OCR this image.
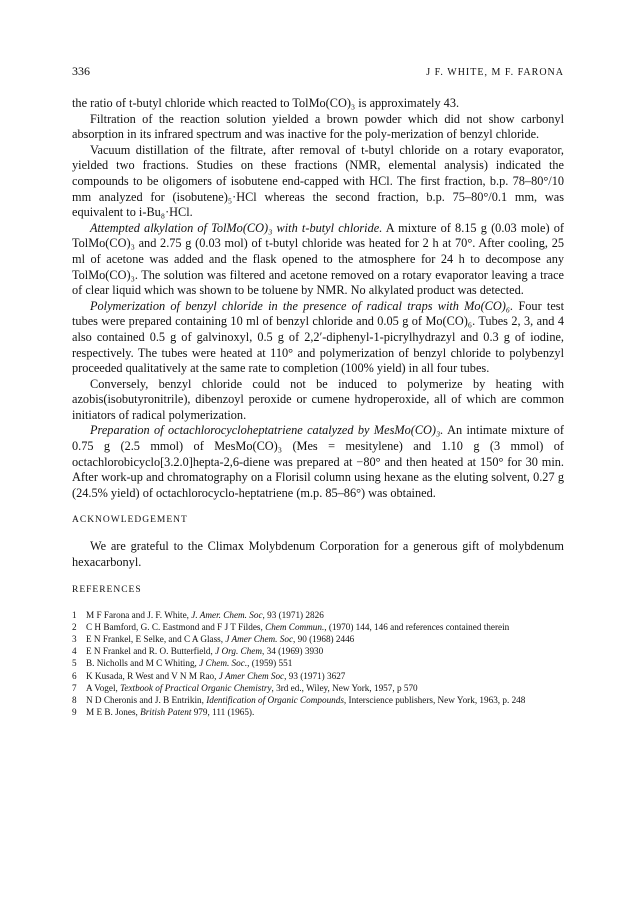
336	J F. WHITE, M F. FARONA

the ratio of t-butyl chloride which reacted to TolMo(CO)₃ is approximately 43.

Filtration of the reaction solution yielded a brown powder which did not show carbonyl absorption in its infrared spectrum and was inactive for the poly-merization of benzyl chloride.

Vacuum distillation of the filtrate, after removal of t-butyl chloride on a rotary evaporator, yielded two fractions. Studies on these fractions (NMR, elemental analysis) indicated the compounds to be oligomers of isobutene end-capped with HCl. The first fraction, b.p. 78–80°/10 mm analyzed for (isobutene)₅·HCl whereas the second fraction, b.p. 75–80°/0.1 mm, was equivalent to i-Bu₈·HCl.

Attempted alkylation of TolMo(CO)₃ with t-butyl chloride. A mixture of 8.15 g (0.03 mole) of TolMo(CO)₃ and 2.75 g (0.03 mol) of t-butyl chloride was heated for 2 h at 70°. After cooling, 25 ml of acetone was added and the flask opened to the atmosphere for 24 h to decompose any TolMo(CO)₃. The solution was filtered and acetone removed on a rotary evaporator leaving a trace of clear liquid which was shown to be toluene by NMR. No alkylated product was detected.

Polymerization of benzyl chloride in the presence of radical traps with Mo(CO)₆. Four test tubes were prepared containing 10 ml of benzyl chloride and 0.05 g of Mo(CO)₆. Tubes 2, 3, and 4 also contained 0.5 g of galvinoxyl, 0.5 g of 2,2′-diphenyl-1-picrylhydrazyl and 0.3 g of iodine, respectively. The tubes were heated at 110° and polymerization of benzyl chloride to polybenzyl proceeded qualitatively at the same rate to completion (100% yield) in all four tubes.

Conversely, benzyl chloride could not be induced to polymerize by heating with azobis(isobutyronitrile), dibenzoyl peroxide or cumene hydroperoxide, all of which are common initiators of radical polymerization.

Preparation of octachlorocycloheptatriene catalyzed by MesMo(CO)₃. An intimate mixture of 0.75 g (2.5 mmol) of MesMo(CO)₃ (Mes = mesitylene) and 1.10 g (3 mmol) of octachlorobicyclo[3.2.0]hepta-2,6-diene was prepared at −80° and then heated at 150° for 30 min. After work-up and chromatography on a Florisil column using hexane as the eluting solvent, 0.27 g (24.5% yield) of octachlorocyclo-heptatriene (m.p. 85–86°) was obtained.

ACKNOWLEDGEMENT

We are grateful to the Climax Molybdenum Corporation for a generous gift of molybdenum hexacarbonyl.

REFERENCES
1	M F Farona and J. F. White, J. Amer. Chem. Soc, 93 (1971) 2826
2	C H Bamford, G. C. Eastmond and F J T Fildes, Chem Commun., (1970) 144, 146 and references contained therein
3	E N Frankel, E Selke, and C A Glass, J Amer Chem. Soc, 90 (1968) 2446
4	E N Frankel and R. O. Butterfield, J Org. Chem, 34 (1969) 3930
5	B. Nicholls and M C Whiting, J Chem. Soc., (1959) 551
6	K Kusada, R West and V N M Rao, J Amer Chem Soc, 93 (1971) 3627
7	A Vogel, Textbook of Practical Organic Chemistry, 3rd ed., Wiley, New York, 1957, p 570
8	N D Cheronis and J. B Entrikin, Identification of Organic Compounds, Interscience publishers, New York, 1963, p. 248
9	M E B. Jones, British Patent 979, 111 (1965).
